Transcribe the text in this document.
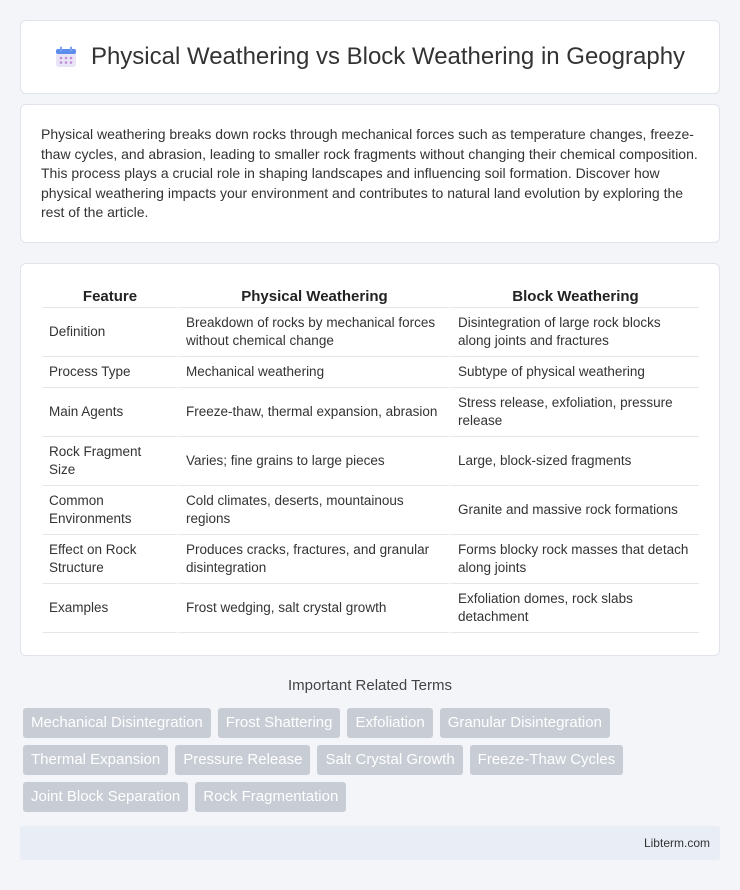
Physical Weathering vs Block Weathering in Geography

Physical weathering breaks down rocks through mechanical forces such as temperature changes, freeze-thaw cycles, and abrasion, leading to smaller rock fragments without changing their chemical composition. This process plays a crucial role in shaping landscapes and influencing soil formation. Discover how physical weathering impacts your environment and contributes to natural land evolution by exploring the rest of the article.

Feature	Physical Weathering	Block Weathering
Definition	Breakdown of rocks by mechanical forces without chemical change	Disintegration of large rock blocks along joints and fractures
Process Type	Mechanical weathering	Subtype of physical weathering
Main Agents	Freeze-thaw, thermal expansion, abrasion	Stress release, exfoliation, pressure release
Rock Fragment Size	Varies; fine grains to large pieces	Large, block-sized fragments
Common Environments	Cold climates, deserts, mountainous regions	Granite and massive rock formations
Effect on Rock Structure	Produces cracks, fractures, and granular disintegration	Forms blocky rock masses that detach along joints
Examples	Frost wedging, salt crystal growth	Exfoliation domes, rock slabs detachment
Important Related Terms
Mechanical Disintegration	Frost Shattering	Exfoliation	Granular Disintegration
Thermal Expansion	Pressure Release	Salt Crystal Growth	Freeze-Thaw Cycles
Joint Block Separation	Rock Fragmentation
Libterm.com
